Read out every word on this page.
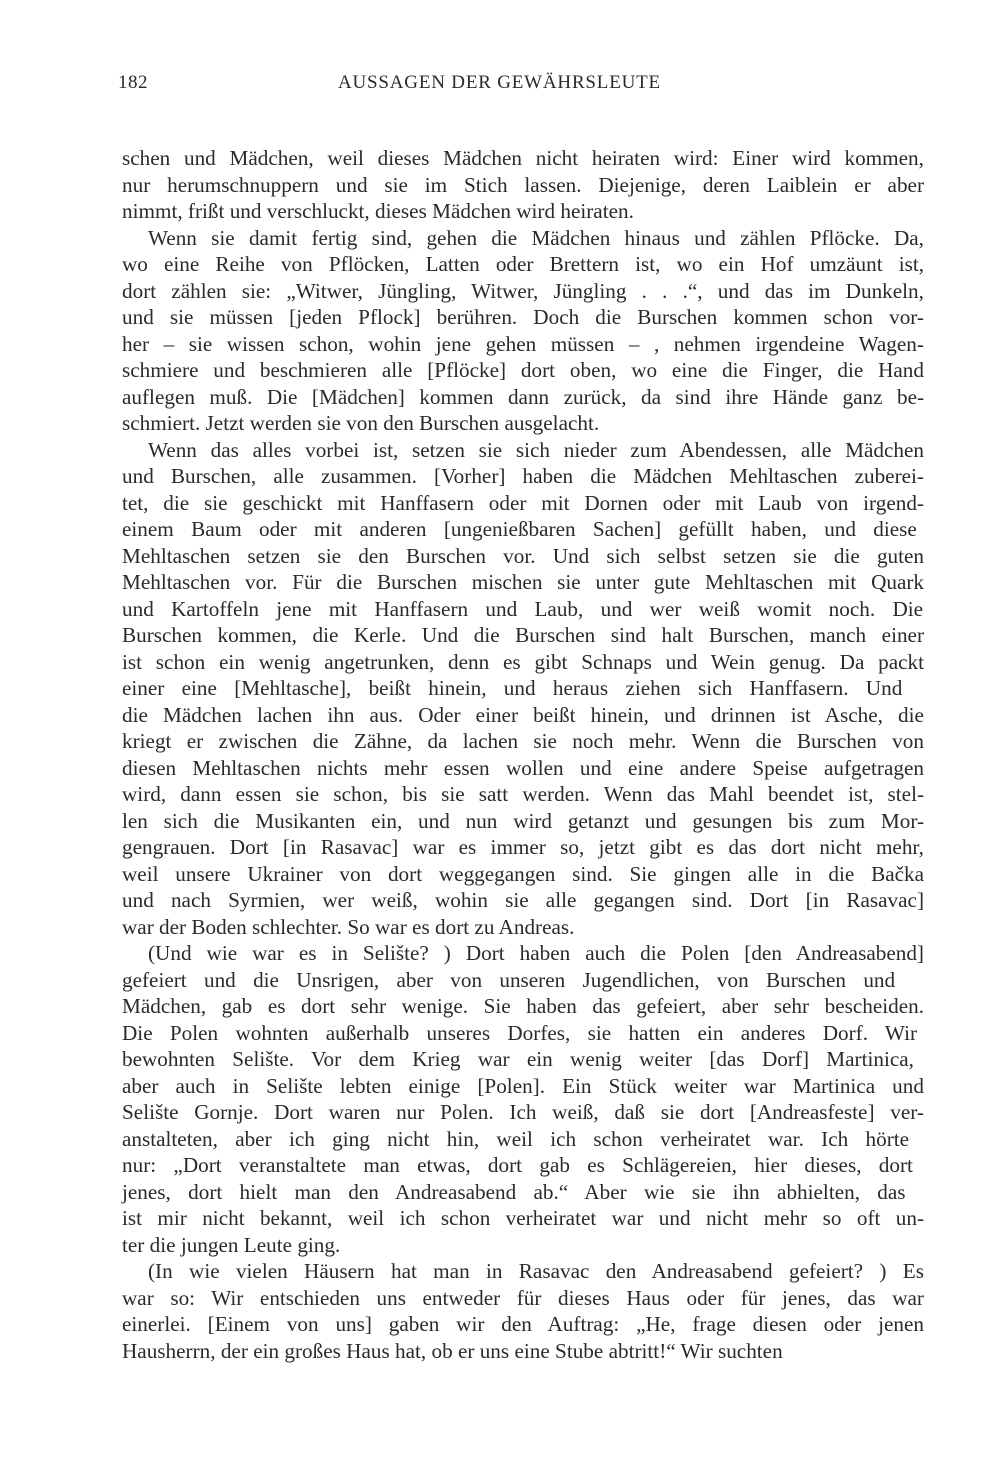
182	AUSSAGEN DER GEWÄHRSLEUTE
schen und Mädchen, weil dieses Mädchen nicht heiraten wird: Einer wird kommen,
nur herumschnuppern und sie im Stich lassen. Diejenige, deren Laiblein er aber
nimmt, frißt und verschluckt, dieses Mädchen wird heiraten.
Wenn sie damit fertig sind, gehen die Mädchen hinaus und zählen Pflöcke. Da,
wo eine Reihe von Pflöcken, Latten oder Brettern ist, wo ein Hof umzäunt ist,
dort zählen sie: „Witwer, Jüngling, Witwer, Jüngling . . .“, und das im Dunkeln,
und sie müssen [jeden Pflock] berühren. Doch die Burschen kommen schon vor-
her – sie wissen schon, wohin jene gehen müssen – , nehmen irgendeine Wagen-
schmiere und beschmieren alle [Pflöcke] dort oben, wo eine die Finger, die Hand
auflegen muß. Die [Mädchen] kommen dann zurück, da sind ihre Hände ganz be-
schmiert. Jetzt werden sie von den Burschen ausgelacht.
Wenn das alles vorbei ist, setzen sie sich nieder zum Abendessen, alle Mädchen
und Burschen, alle zusammen. [Vorher] haben die Mädchen Mehltaschen zuberei-
tet, die sie geschickt mit Hanffasern oder mit Dornen oder mit Laub von irgend-
einem Baum oder mit anderen [ungenießbaren Sachen] gefüllt haben, und diese
Mehltaschen setzen sie den Burschen vor. Und sich selbst setzen sie die guten
Mehltaschen vor. Für die Burschen mischen sie unter gute Mehltaschen mit Quark
und Kartoffeln jene mit Hanffasern und Laub, und wer weiß womit noch. Die
Burschen kommen, die Kerle. Und die Burschen sind halt Burschen, manch einer
ist schon ein wenig angetrunken, denn es gibt Schnaps und Wein genug. Da packt
einer eine [Mehltasche], beißt hinein, und heraus ziehen sich Hanffasern. Und
die Mädchen lachen ihn aus. Oder einer beißt hinein, und drinnen ist Asche, die
kriegt er zwischen die Zähne, da lachen sie noch mehr. Wenn die Burschen von
diesen Mehltaschen nichts mehr essen wollen und eine andere Speise aufgetragen
wird, dann essen sie schon, bis sie satt werden. Wenn das Mahl beendet ist, stel-
len sich die Musikanten ein, und nun wird getanzt und gesungen bis zum Mor-
gengrauen. Dort [in Rasavac] war es immer so, jetzt gibt es das dort nicht mehr,
weil unsere Ukrainer von dort weggegangen sind. Sie gingen alle in die Bačka
und nach Syrmien, wer weiß, wohin sie alle gegangen sind. Dort [in Rasavac]
war der Boden schlechter. So war es dort zu Andreas.
(Und wie war es in Selište? ) Dort haben auch die Polen [den Andreasabend]
gefeiert und die Unsrigen, aber von unseren Jugendlichen, von Burschen und
Mädchen, gab es dort sehr wenige. Sie haben das gefeiert, aber sehr bescheiden.
Die Polen wohnten außerhalb unseres Dorfes, sie hatten ein anderes Dorf. Wir
bewohnten Selište. Vor dem Krieg war ein wenig weiter [das Dorf] Martinica,
aber auch in Selište lebten einige [Polen]. Ein Stück weiter war Martinica und
Selište Gornje. Dort waren nur Polen. Ich weiß, daß sie dort [Andreasfeste] ver-
anstalteten, aber ich ging nicht hin, weil ich schon verheiratet war. Ich hörte
nur: „Dort veranstaltete man etwas, dort gab es Schlägereien, hier dieses, dort
jenes, dort hielt man den Andreasabend ab.“ Aber wie sie ihn abhielten, das
ist mir nicht bekannt, weil ich schon verheiratet war und nicht mehr so oft un-
ter die jungen Leute ging.
(In wie vielen Häusern hat man in Rasavac den Andreasabend gefeiert? ) Es
war so: Wir entschieden uns entweder für dieses Haus oder für jenes, das war
einerlei. [Einem von uns] gaben wir den Auftrag: „He, frage diesen oder jenen
Hausherrn, der ein großes Haus hat, ob er uns eine Stube abtritt!“ Wir suchten
